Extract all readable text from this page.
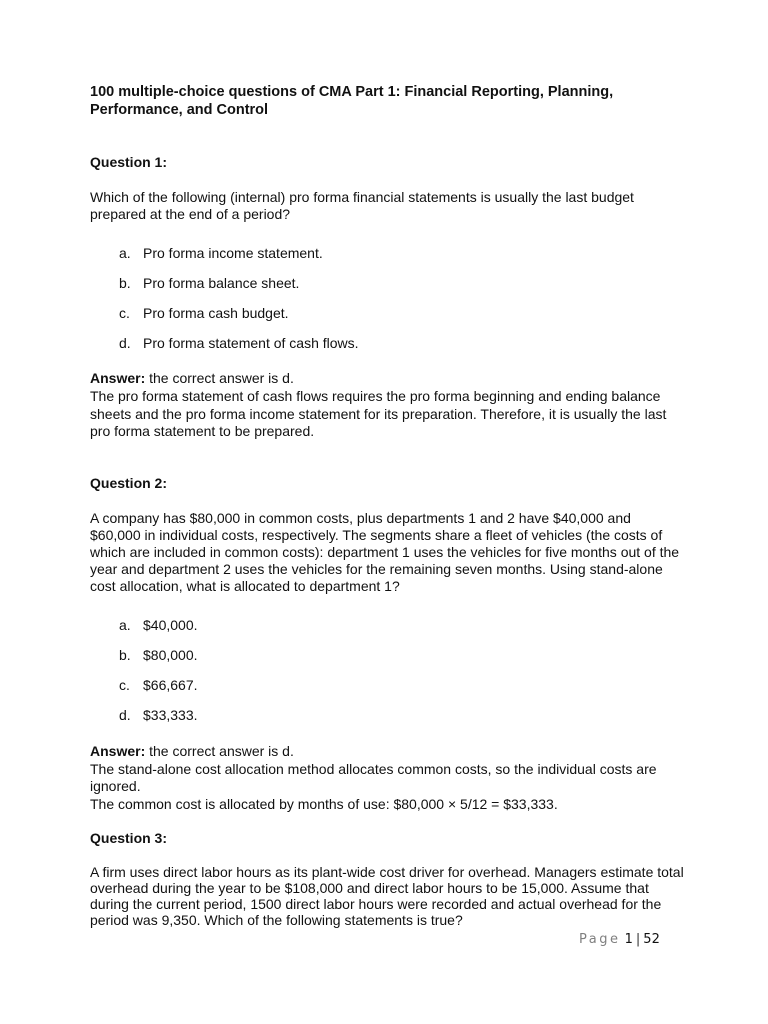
100 multiple-choice questions of CMA Part 1: Financial Reporting, Planning,
Performance, and Control
Question 1:
Which of the following (internal) pro forma financial statements is usually the last budget
prepared at the end of a period?
a. Pro forma income statement.
b. Pro forma balance sheet.
c. Pro forma cash budget.
d. Pro forma statement of cash flows.
Answer: the correct answer is d.
The pro forma statement of cash flows requires the pro forma beginning and ending balance
sheets and the pro forma income statement for its preparation. Therefore, it is usually the last
pro forma statement to be prepared.
Question 2:
A company has $80,000 in common costs, plus departments 1 and 2 have $40,000 and
$60,000 in individual costs, respectively. The segments share a fleet of vehicles (the costs of
which are included in common costs): department 1 uses the vehicles for five months out of the
year and department 2 uses the vehicles for the remaining seven months. Using stand-alone
cost allocation, what is allocated to department 1?
a. $40,000.
b. $80,000.
c. $66,667.
d. $33,333.
Answer: the correct answer is d.
The stand-alone cost allocation method allocates common costs, so the individual costs are
ignored.
The common cost is allocated by months of use: $80,000 × 5/12 = $33,333.
Question 3:
A firm uses direct labor hours as its plant-wide cost driver for overhead. Managers estimate total
overhead during the year to be $108,000 and direct labor hours to be 15,000. Assume that
during the current period, 1500 direct labor hours were recorded and actual overhead for the
period was 9,350. Which of the following statements is true?
Page 1 | 52
